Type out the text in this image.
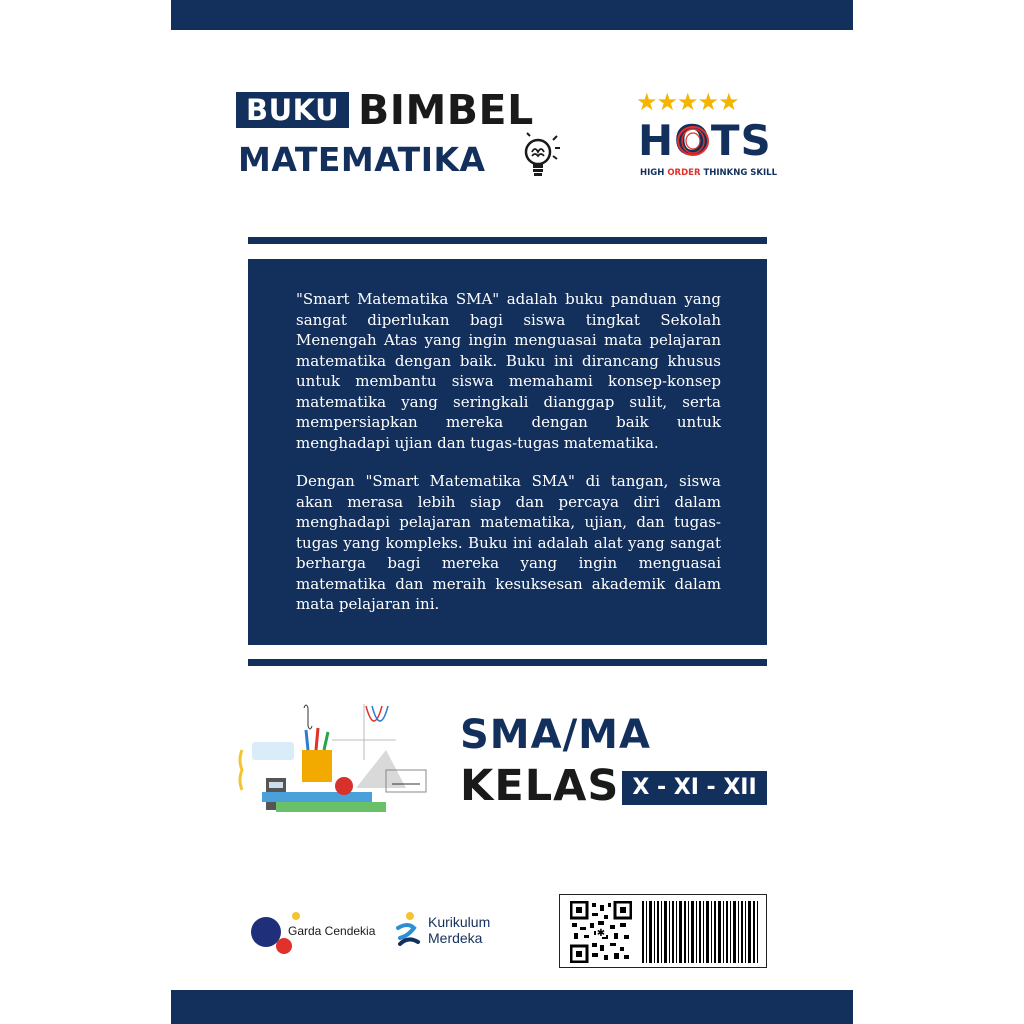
BUKU BIMBEL
MATEMATIKA
★★★★★
HOTS
HIGH ORDER THINKNG SKILL

"Smart Matematika SMA" adalah buku panduan yang sangat diperlukan bagi siswa tingkat Sekolah Menengah Atas yang ingin menguasai mata pelajaran matematika dengan baik. Buku ini dirancang khusus untuk membantu siswa memahami konsep-konsep matematika yang seringkali dianggap sulit, serta mempersiapkan mereka dengan baik untuk menghadapi ujian dan tugas-tugas matematika.

Dengan "Smart Matematika SMA" di tangan, siswa akan merasa lebih siap dan percaya diri dalam menghadapi pelajaran matematika, ujian, dan tugas-tugas yang kompleks. Buku ini adalah alat yang sangat berharga bagi mereka yang ingin menguasai matematika dan meraih kesuksesan akademik dalam mata pelajaran ini.

SMA/MA
KELAS X - XI - XII
Garda Cendekia
Kurikulum
Merdeka	✱
